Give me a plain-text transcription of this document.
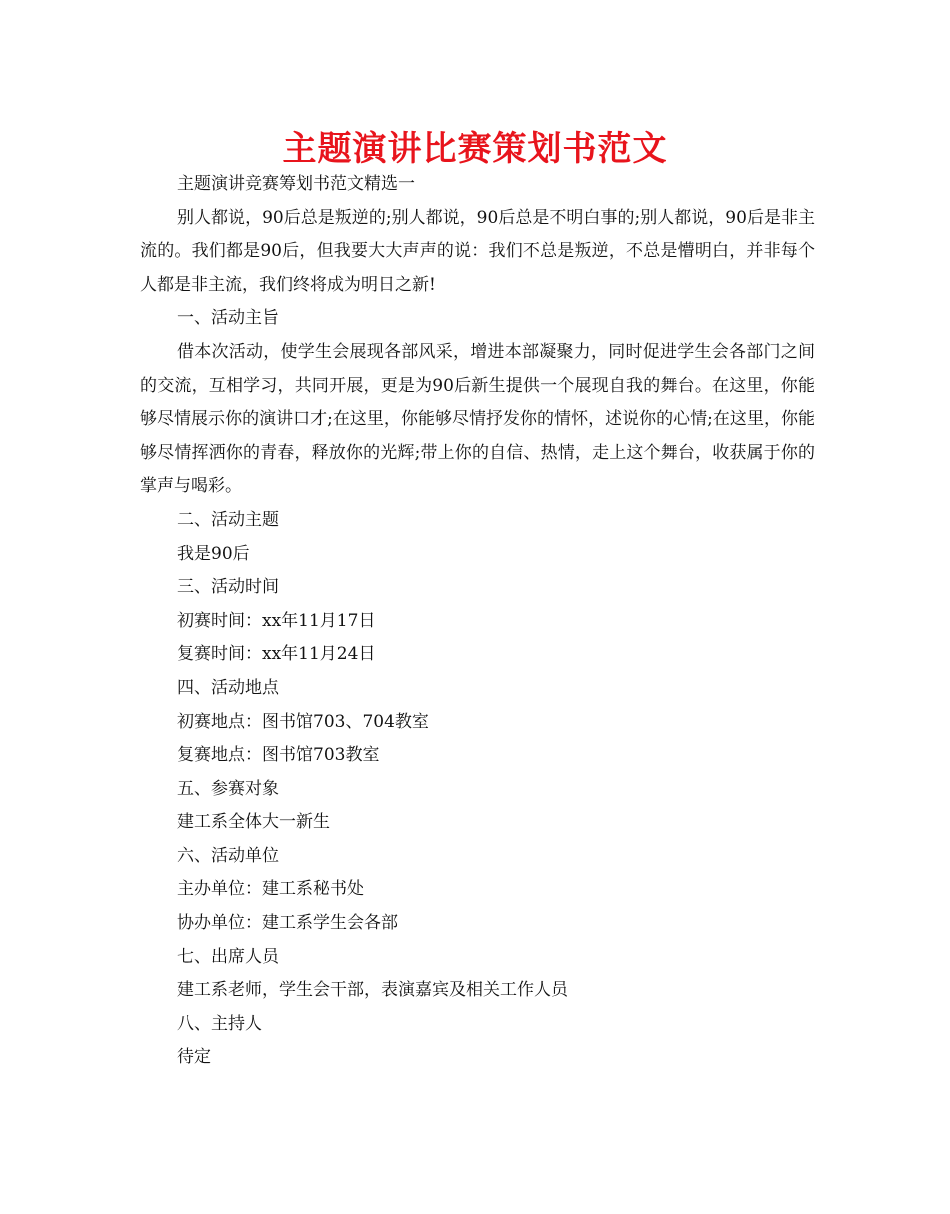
主题演讲比赛策划书范文

主题演讲竞赛筹划书范文精选一

别人都说，90后总是叛逆的;别人都说，90后总是不明白事的;别人都说，90后是非主流的。我们都是90后，但我要大大声声的说：我们不总是叛逆，不总是懵明白，并非每个人都是非主流，我们终将成为明日之新!

一、活动主旨

借本次活动，使学生会展现各部风采，增进本部凝聚力，同时促进学生会各部门之间的交流，互相学习，共同开展，更是为90后新生提供一个展现自我的舞台。在这里，你能够尽情展示你的演讲口才;在这里，你能够尽情抒发你的情怀，述说你的心情;在这里，你能够尽情挥洒你的青春，释放你的光辉;带上你的自信、热情，走上这个舞台，收获属于你的掌声与喝彩。

二、活动主题

我是90后

三、活动时间

初赛时间：xx年11月17日

复赛时间：xx年11月24日

四、活动地点

初赛地点：图书馆703、704教室

复赛地点：图书馆703教室

五、参赛对象

建工系全体大一新生

六、活动单位

主办单位：建工系秘书处

协办单位：建工系学生会各部

七、出席人员

建工系老师，学生会干部，表演嘉宾及相关工作人员

八、主持人

待定
